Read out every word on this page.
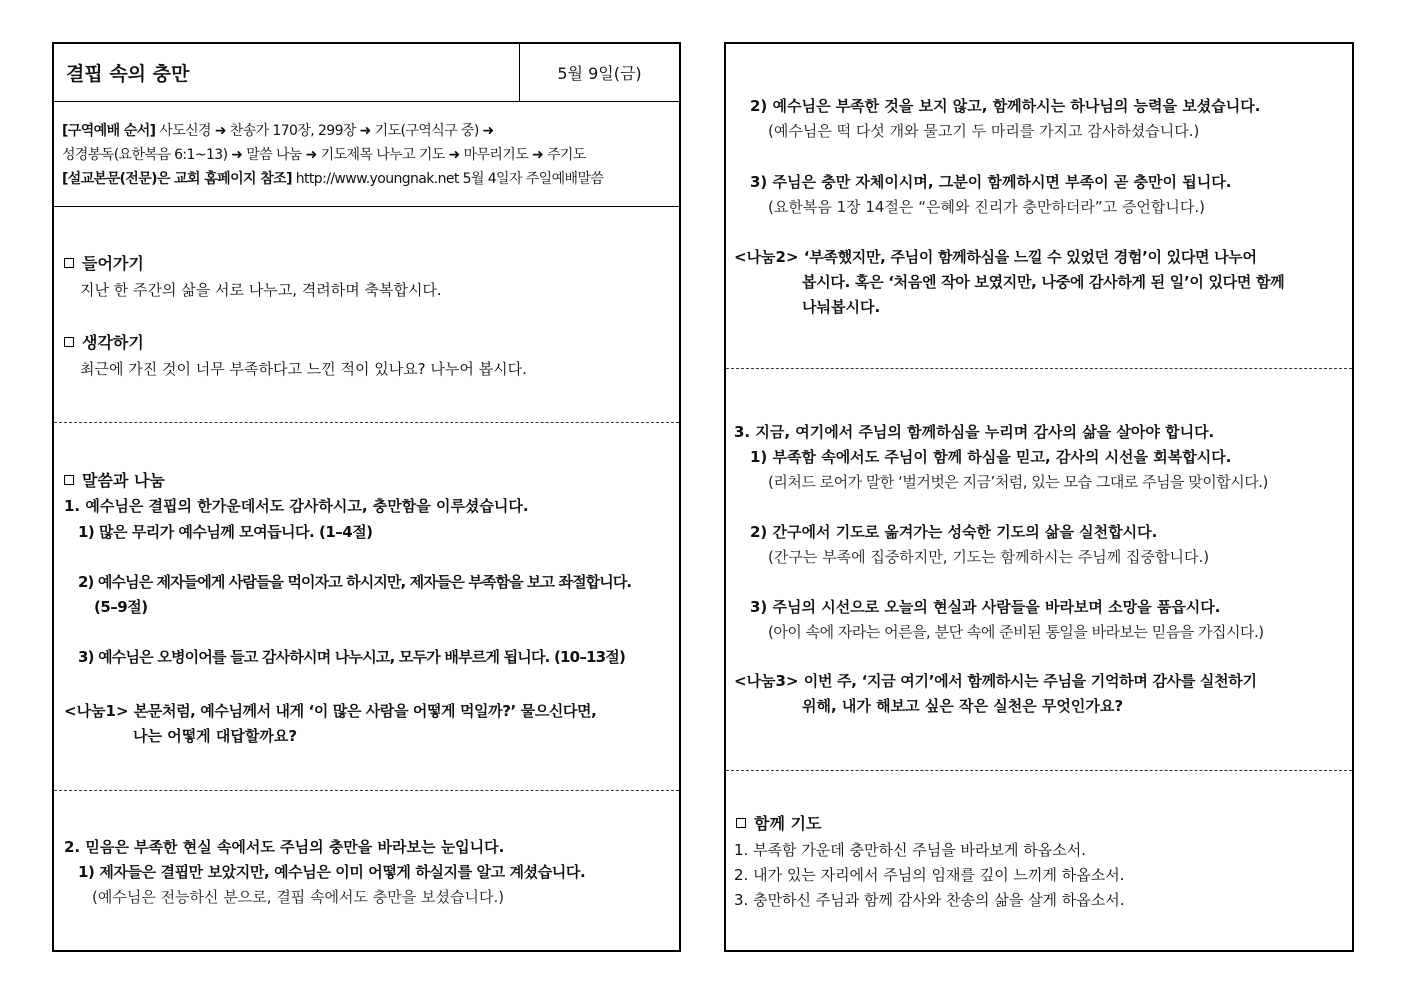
결핍 속의 충만	5월 9일(금)

[구역예배 순서] 사도신경 ➜ 찬송가 170장, 299장 ➜ 기도(구역식구 중) ➜

성경봉독(요한복음 6:1~13) ➜ 말씀 나눔 ➜ 기도제목 나누고 기도 ➜ 마무리기도 ➜ 주기도

[설교본문(전문)은 교회 홈페이지 참조] http://www.youngnak.net 5월 4일자 주일예배말씀

들어가기
지난 한 주간의 삶을 서로 나누고, 격려하며 축복합시다.
생각하기
최근에 가진 것이 너무 부족하다고 느낀 적이 있나요? 나누어 봅시다.
말씀과 나눔
1. 예수님은 결핍의 한가운데서도 감사하시고, 충만함을 이루셨습니다.
1) 많은 무리가 예수님께 모여듭니다. (1–4절)
2) 예수님은 제자들에게 사람들을 먹이자고 하시지만, 제자들은 부족함을 보고 좌절합니다.
(5–9절)
3) 예수님은 오병이어를 들고 감사하시며 나누시고, 모두가 배부르게 됩니다. (10–13절)
<나눔1> 본문처럼, 예수님께서 내게 ‘이 많은 사람을 어떻게 먹일까?’ 물으신다면,
나는 어떻게 대답할까요?
2. 믿음은 부족한 현실 속에서도 주님의 충만을 바라보는 눈입니다.
1) 제자들은 결핍만 보았지만, 예수님은 이미 어떻게 하실지를 알고 계셨습니다.
(예수님은 전능하신 분으로, 결핍 속에서도 충만을 보셨습니다.)
2) 예수님은 부족한 것을 보지 않고, 함께하시는 하나님의 능력을 보셨습니다.
(예수님은 떡 다섯 개와 물고기 두 마리를 가지고 감사하셨습니다.)
3) 주님은 충만 자체이시며, 그분이 함께하시면 부족이 곧 충만이 됩니다.
(요한복음 1장 14절은 “은혜와 진리가 충만하더라”고 증언합니다.)
<나눔2> ‘부족했지만, 주님이 함께하심을 느낄 수 있었던 경험’이 있다면 나누어
봅시다. 혹은 ‘처음엔 작아 보였지만, 나중에 감사하게 된 일’이 있다면 함께
나눠봅시다.
3. 지금, 여기에서 주님의 함께하심을 누리며 감사의 삶을 살아야 합니다.
1) 부족함 속에서도 주님이 함께 하심을 믿고, 감사의 시선을 회복합시다.
(리처드 로어가 말한 ‘벌거벗은 지금’처럼, 있는 모습 그대로 주님을 맞이합시다.)
2) 간구에서 기도로 옮겨가는 성숙한 기도의 삶을 실천합시다.
(간구는 부족에 집중하지만, 기도는 함께하시는 주님께 집중합니다.)
3) 주님의 시선으로 오늘의 현실과 사람들을 바라보며 소망을 품읍시다.
(아이 속에 자라는 어른을, 분단 속에 준비된 통일을 바라보는 믿음을 가집시다.)
<나눔3> 이번 주, ‘지금 여기’에서 함께하시는 주님을 기억하며 감사를 실천하기
위해, 내가 해보고 싶은 작은 실천은 무엇인가요?
함께 기도
1. 부족함 가운데 충만하신 주님을 바라보게 하옵소서.
2. 내가 있는 자리에서 주님의 임재를 깊이 느끼게 하옵소서.
3. 충만하신 주님과 함께 감사와 찬송의 삶을 살게 하옵소서.
